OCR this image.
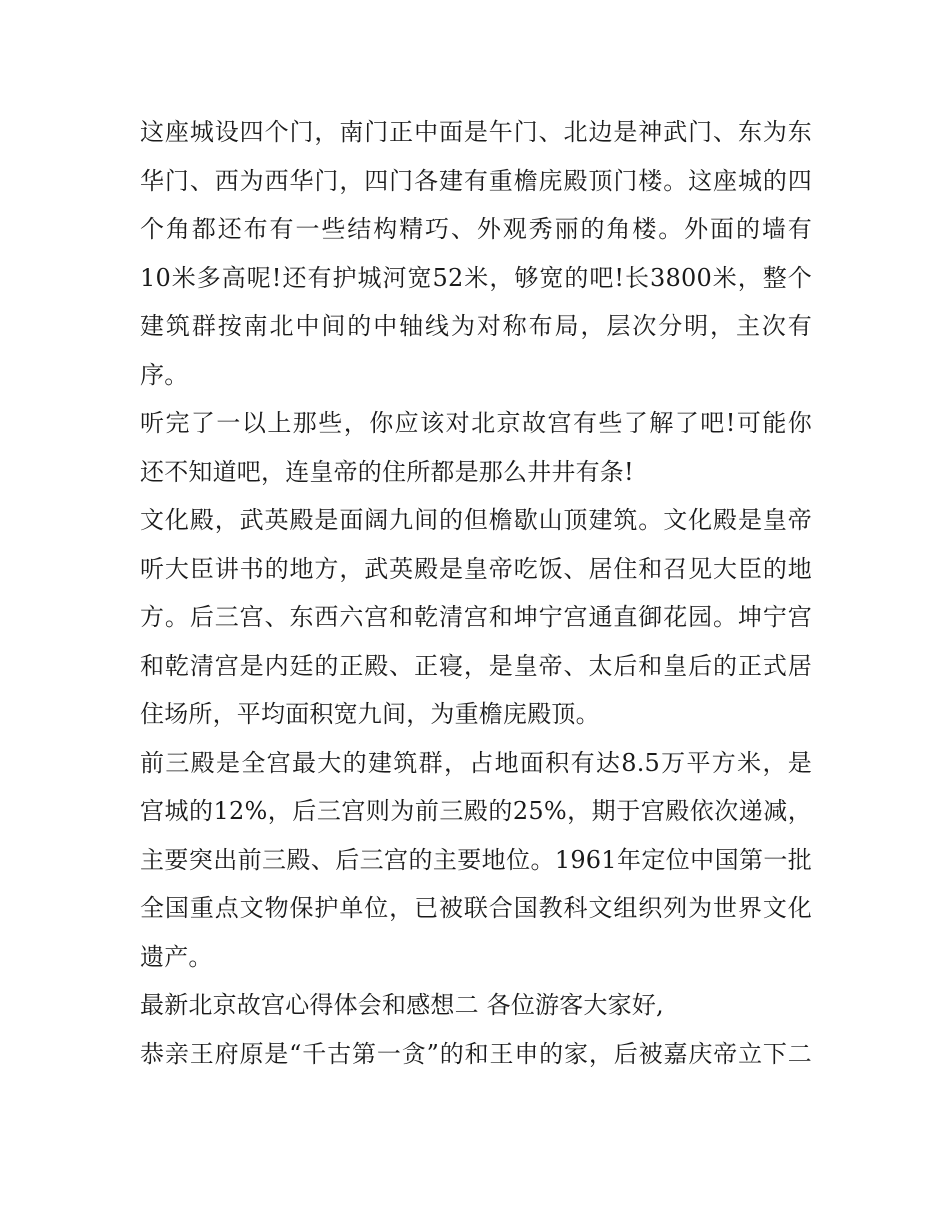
这座城设四个门，南门正中面是午门、北边是神武门、东为东
华门、西为西华门，四门各建有重檐庑殿顶门楼。这座城的四
个角都还布有一些结构精巧、外观秀丽的角楼。外面的墙有
10米多高呢!还有护城河宽52米，够宽的吧!长3800米，整个
建筑群按南北中间的中轴线为对称布局，层次分明，主次有
序。
听完了一以上那些，你应该对北京故宫有些了解了吧!可能你
还不知道吧，连皇帝的住所都是那么井井有条!
文化殿，武英殿是面阔九间的但檐歇山顶建筑。文化殿是皇帝
听大臣讲书的地方，武英殿是皇帝吃饭、居住和召见大臣的地
方。后三宫、东西六宫和乾清宫和坤宁宫通直御花园。坤宁宫
和乾清宫是内廷的正殿、正寝，是皇帝、太后和皇后的正式居
住场所，平均面积宽九间，为重檐庑殿顶。
前三殿是全宫最大的建筑群，占地面积有达8.5万平方米，是
宫城的12%，后三宫则为前三殿的25%，期于宫殿依次递减，
主要突出前三殿、后三宫的主要地位。1961年定位中国第一批
全国重点文物保护单位，已被联合国教科文组织列为世界文化
遗产。
最新北京故宫心得体会和感想二 各位游客大家好,
恭亲王府原是“千古第一贪”的和王申的家，后被嘉庆帝立下二
